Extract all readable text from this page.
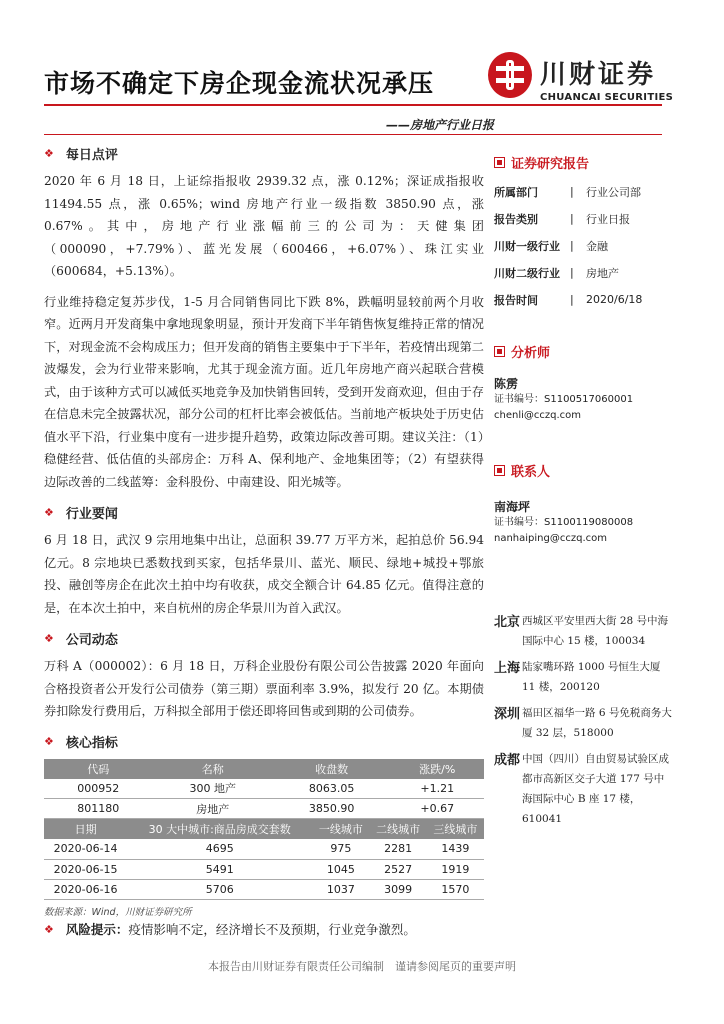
市场不确定下房企现金流状况承压	川财证券
CHUANCAI SECURITIES
——房地产行业日报
❖ 每日点评

2020 年 6 月 18 日，上证综指报收 2939.32 点，涨 0.12%；深证成指报收 11494.55 点，涨 0.65%；wind 房地产行业一级指数 3850.90 点，涨 0.67%。其中，房地产行业涨幅前三的公司为：天健集团（000090，+7.79%）、蓝光发展（600466，+6.07%）、珠江实业（600684，+5.13%）。

行业维持稳定复苏步伐，1-5 月合同销售同比下跌 8%，跌幅明显较前两个月收窄。近两月开发商集中拿地现象明显，预计开发商下半年销售恢复维持正常的情况下，对现金流不会构成压力；但开发商的销售主要集中于下半年，若疫情出现第二波爆发，会为行业带来影响，尤其于现金流方面。近几年房地产商兴起联合营模式，由于该种方式可以减低买地竞争及加快销售回转，受到开发商欢迎，但由于存在信息未完全披露状况，部分公司的杠杆比率会被低估。当前地产板块处于历史估值水平下沿，行业集中度有一进步提升趋势，政策边际改善可期。建议关注：（1）稳健经营、低估值的头部房企：万科 A、保利地产、金地集团等；（2）有望获得边际改善的二线蓝筹：金科股份、中南建设、阳光城等。

❖ 行业要闻

6 月 18 日，武汉 9 宗用地集中出让，总面积 39.77 万平方米，起拍总价 56.94 亿元。8 宗地块已悉数找到买家，包括华景川、蓝光、顺民、绿地+城投+鄂旅投、融创等房企在此次土拍中均有收获，成交全额合计 64.85 亿元。值得注意的是，在本次土拍中，来自杭州的房企华景川为首入武汉。

❖ 公司动态

万科 A（000002）：6 月 18 日，万科企业股份有限公司公告披露 2020 年面向合格投资者公开发行公司债券（第三期）票面利率 3.9%，拟发行 20 亿。本期债券扣除发行费用后，万科拟全部用于偿还即将回售或到期的公司债券。

❖ 核心指标
代码	名称	收盘数	涨跌/%
000952	300 地产	8063.05	+1.21
801180	房地产	3850.90	+0.67
日期	30 大中城市:商品房成交套数	一线城市	二线城市	三线城市
2020-06-14	4695	975	2281	1439
2020-06-15	5491	1045	2527	1919
2020-06-16	5706	1037	3099	1570
数据来源：Wind，川财证券研究所
❖ 风险提示： 疫情影响不定，经济增长不及预期，行业竞争激烈。
证券研究报告
所属部门	|	行业公司部
报告类别	|	行业日报
川财一级行业 |	金融
川财二级行业 |	房地产
报告时间	|	2020/6/18
分析师
陈雳
证书编号：S1100517060001
chenli@cczq.com
联系人
南海坪
证书编号：S1100119080008
nanhaiping@cczq.com
北京 西城区平安里西大街 28 号中海国际中心 15 楼，100034
上海 陆家嘴环路 1000 号恒生大厦 11 楼，200120
深圳 福田区福华一路 6 号免税商务大厦 32 层，518000
成都 中国（四川）自由贸易试验区成都市高新区交子大道 177 号中海国际中心 B 座 17 楼，610041
本报告由川财证券有限责任公司编制　谨请参阅尾页的重要声明
